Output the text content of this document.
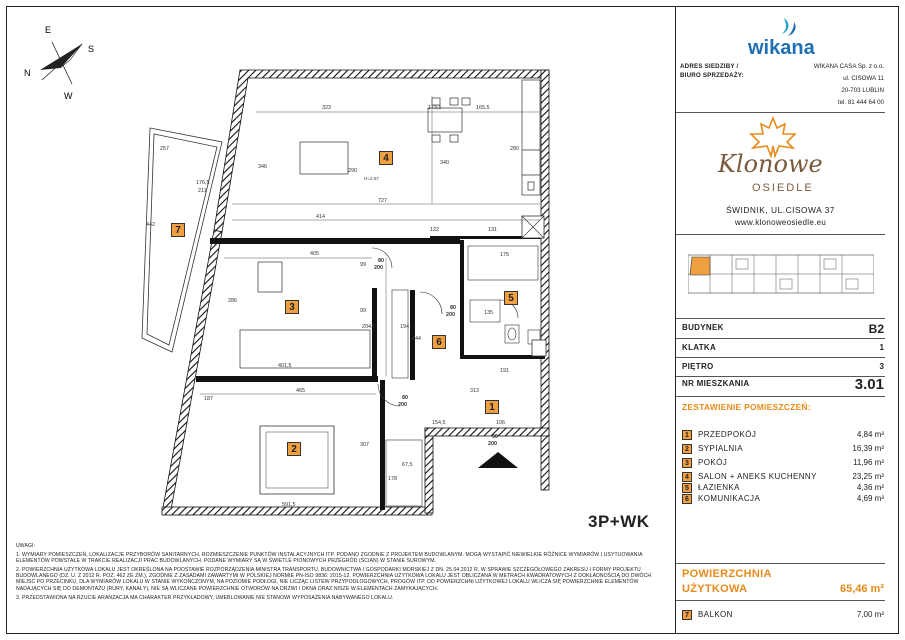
E
S
N
W
323	173,5	165,5
727
414
405
465
401,5
591,5
346
340
280
122	131
175
135
191
313
154,5	106
67,5
178
307
444
204,5	194
99
99
80
200
80
200
80
200
90
200
176,5
211
257
442
187
286
290
H=2,57
4
7
3
5
6
1
2
3P+WK

UWAGI:

1. WYMIARY POMIESZCZEŃ, LOKALIZACJE PRZYBORÓW SANITARNYCH, ROZMIESZCZENIE PUNKTÓW INSTALACYJNYCH ITP. PODANO ZGODNIE Z PROJEKTEM BUDOWLANYM. MOGĄ WYSTĄPIĆ NIEWIELKIE RÓŻNICE WYMIARÓW I USYTUOWANIA ELEMENTÓW POWSTAŁE W TRAKCIE REALIZACJI PRAC BUDOWLANYCH. PODANE WYMIARY SĄ W ŚWIETLE PIONOWYCH PRZEGRÓD (ŚCIAN) W STANIE SUROWYM.

2. POWIERZCHNIA UŻYTKOWA LOKALU JEST OKREŚLONA NA PODSTAWIE ROZPORZĄDZENIA MINISTRA TRANSPORTU, BUDOWNICTWA I GOSPODARKI MORSKIEJ Z DN. 25.04.2012 R. W SPRAWIE SZCZEGÓŁOWEGO ZAKRESU I FORMY PROJEKTU BUDOWLANEGO (DZ. U. Z 2012 R. POZ. 462 ZE ZM.), ZGODNIE Z ZASADAMI ZAWARTYMI W POLSKIEJ NORMIE PN-ISO 9836: 2015-12. POWIERZCHNIA UŻYTKOWA LOKALU JEST OBLICZANA W METRACH KWADRATOWYCH Z DOKŁADNOŚCIĄ DO DWÓCH MIEJSC PO PRZECINKU, DLA WYMIARÓW LOKALU W STANIE WYKOŃCZONYM, NA POZIOMIE PODŁOGI, NIE LICZĄC LISTEW PRZYPODŁOGOWYCH, PROGÓW ITP. DO POWIERZCHNI UŻYTKOWEJ LOKALU WLICZA SIĘ POWIERZCHNIE ELEMENTÓW NADAJĄCYCH SIĘ DO DEMONTAŻU (RURY, KANAŁY), NIE SĄ WLICZANE POWIERZCHNIE OTWORÓW NA DRZWI I OKNA ORAZ NISZE W ELEMENTACH ZAMYKAJĄCYCH.

3. PRZEDSTAWIONA NA RZUCIE ARANŻACJA MA CHARAKTER PRZYKŁADOWY, UMEBLOWANIE NIE STANOWI WYPOSAŻENIA NABYWANEGO LOKALU.

wikana
ADRES SIEDZIBY /
BIURO SPRZEDAŻY:
WIKANA CASA Sp. z o.o.
ul. CISOWA 11
20-703 LUBLIN
tel. 81 444 64 00
Klonowe
OSIEDLE
ŚWIDNIK, UL.CISOWA 37
www.klonoweosiedle.eu
BUDYNEK	B2
KLATKA	1
PIĘTRO	3
NR MIESZKANIA	3.01
ZESTAWIENIE POMIESZCZEŃ:
1	PRZEDPOKÓJ	4,84 m²
2	SYPIALNIA	16,39 m²
3	POKÓJ	11,96 m²
4	SALON + ANEKS KUCHENNY	23,25 m²
5	ŁAZIENKA	4,36 m²
6	KOMUNIKACJA	4,69 m²
POWIERZCHNIA
UŻYTKOWA	65,46 m²
7	BALKON	7,00 m²
